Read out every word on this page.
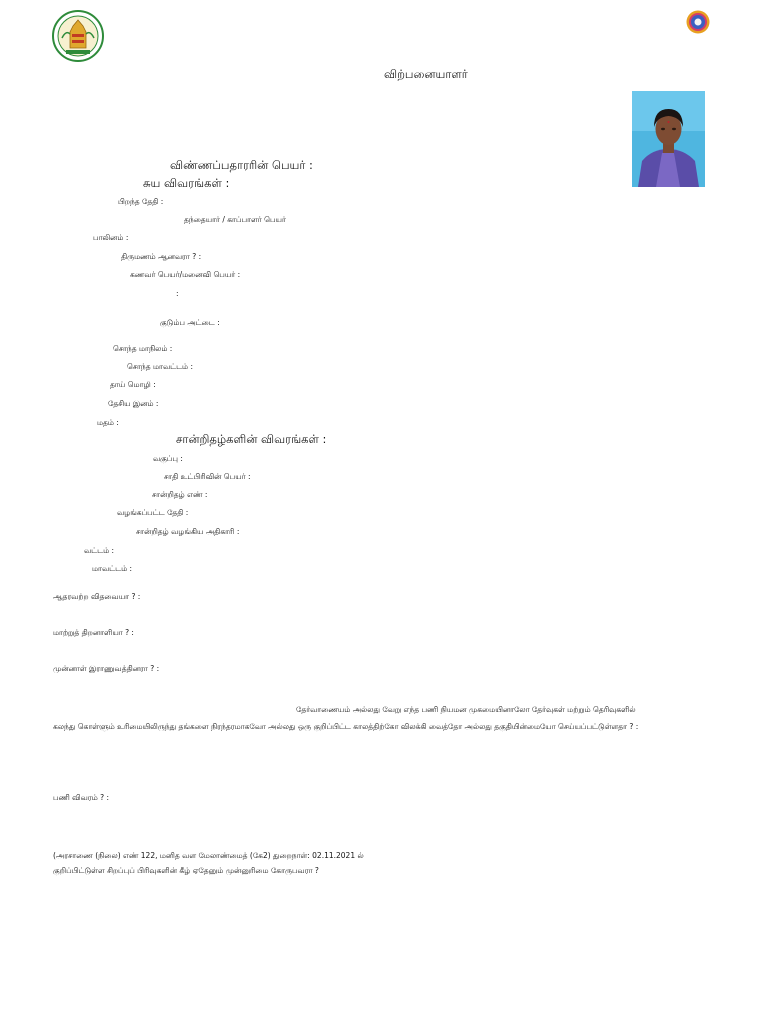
விற்பனையாளர்
விண்ணப்பதாரரின் பெயர் :
சுய விவரங்கள் :
பிறந்த தேதி :
தந்தையார் / காப்பாளர் பெயர்
பாலினம் :
திருமணம் ஆனவரா ? :
கணவர் பெயர்/மனைவி பெயர் :
:
குடும்ப அட்டை :
சொந்த மாநிலம் :
சொந்த மாவட்டம் :
தாய் மொழி :
தேசிய இனம் :
மதம் :
சான்றிதழ்களின் விவரங்கள் :
வகுப்பு :
சாதி உட்பிரிவின் பெயர் :
சான்றிதழ் எண் :
வழங்கப்பட்ட தேதி :
சான்றிதழ் வழங்கிய அதிகாரி :
வட்டம் :
மாவட்டம் :
ஆதரவற்ற விதவையா ? :
மாற்றுத் திறனாளியா ? :
முன்னாள் இராணுவத்தினரா ? :
தேர்வாணையம் அல்லது வேறு எந்த பணி நியமன முகமையினாலோ தேர்வுகள் மற்றும் தெரிவுகளில்
கலந்து கொள்ளும் உரிமையிலிருந்து தங்களை நிரந்தரமாகவோ அல்லது ஒரு குறிப்பிட்ட காலத்திற்கோ விலக்கி வைத்தோ அல்லது தகுதியின்மையோ செய்யப்பட்டுள்ளதா ? :
பணி விவரம் ? :
(அரசாணை (நிலை) எண் 122, மனித வள மேலாண்மைத் (கே2) துறைநாள்: 02.11.2021 ல்
குறிப்பிட்டுள்ள சிறப்புப் பிரிவுகளின் கீழ் ஏதேனும் முன்னுரிமை கோருபவரா ?
